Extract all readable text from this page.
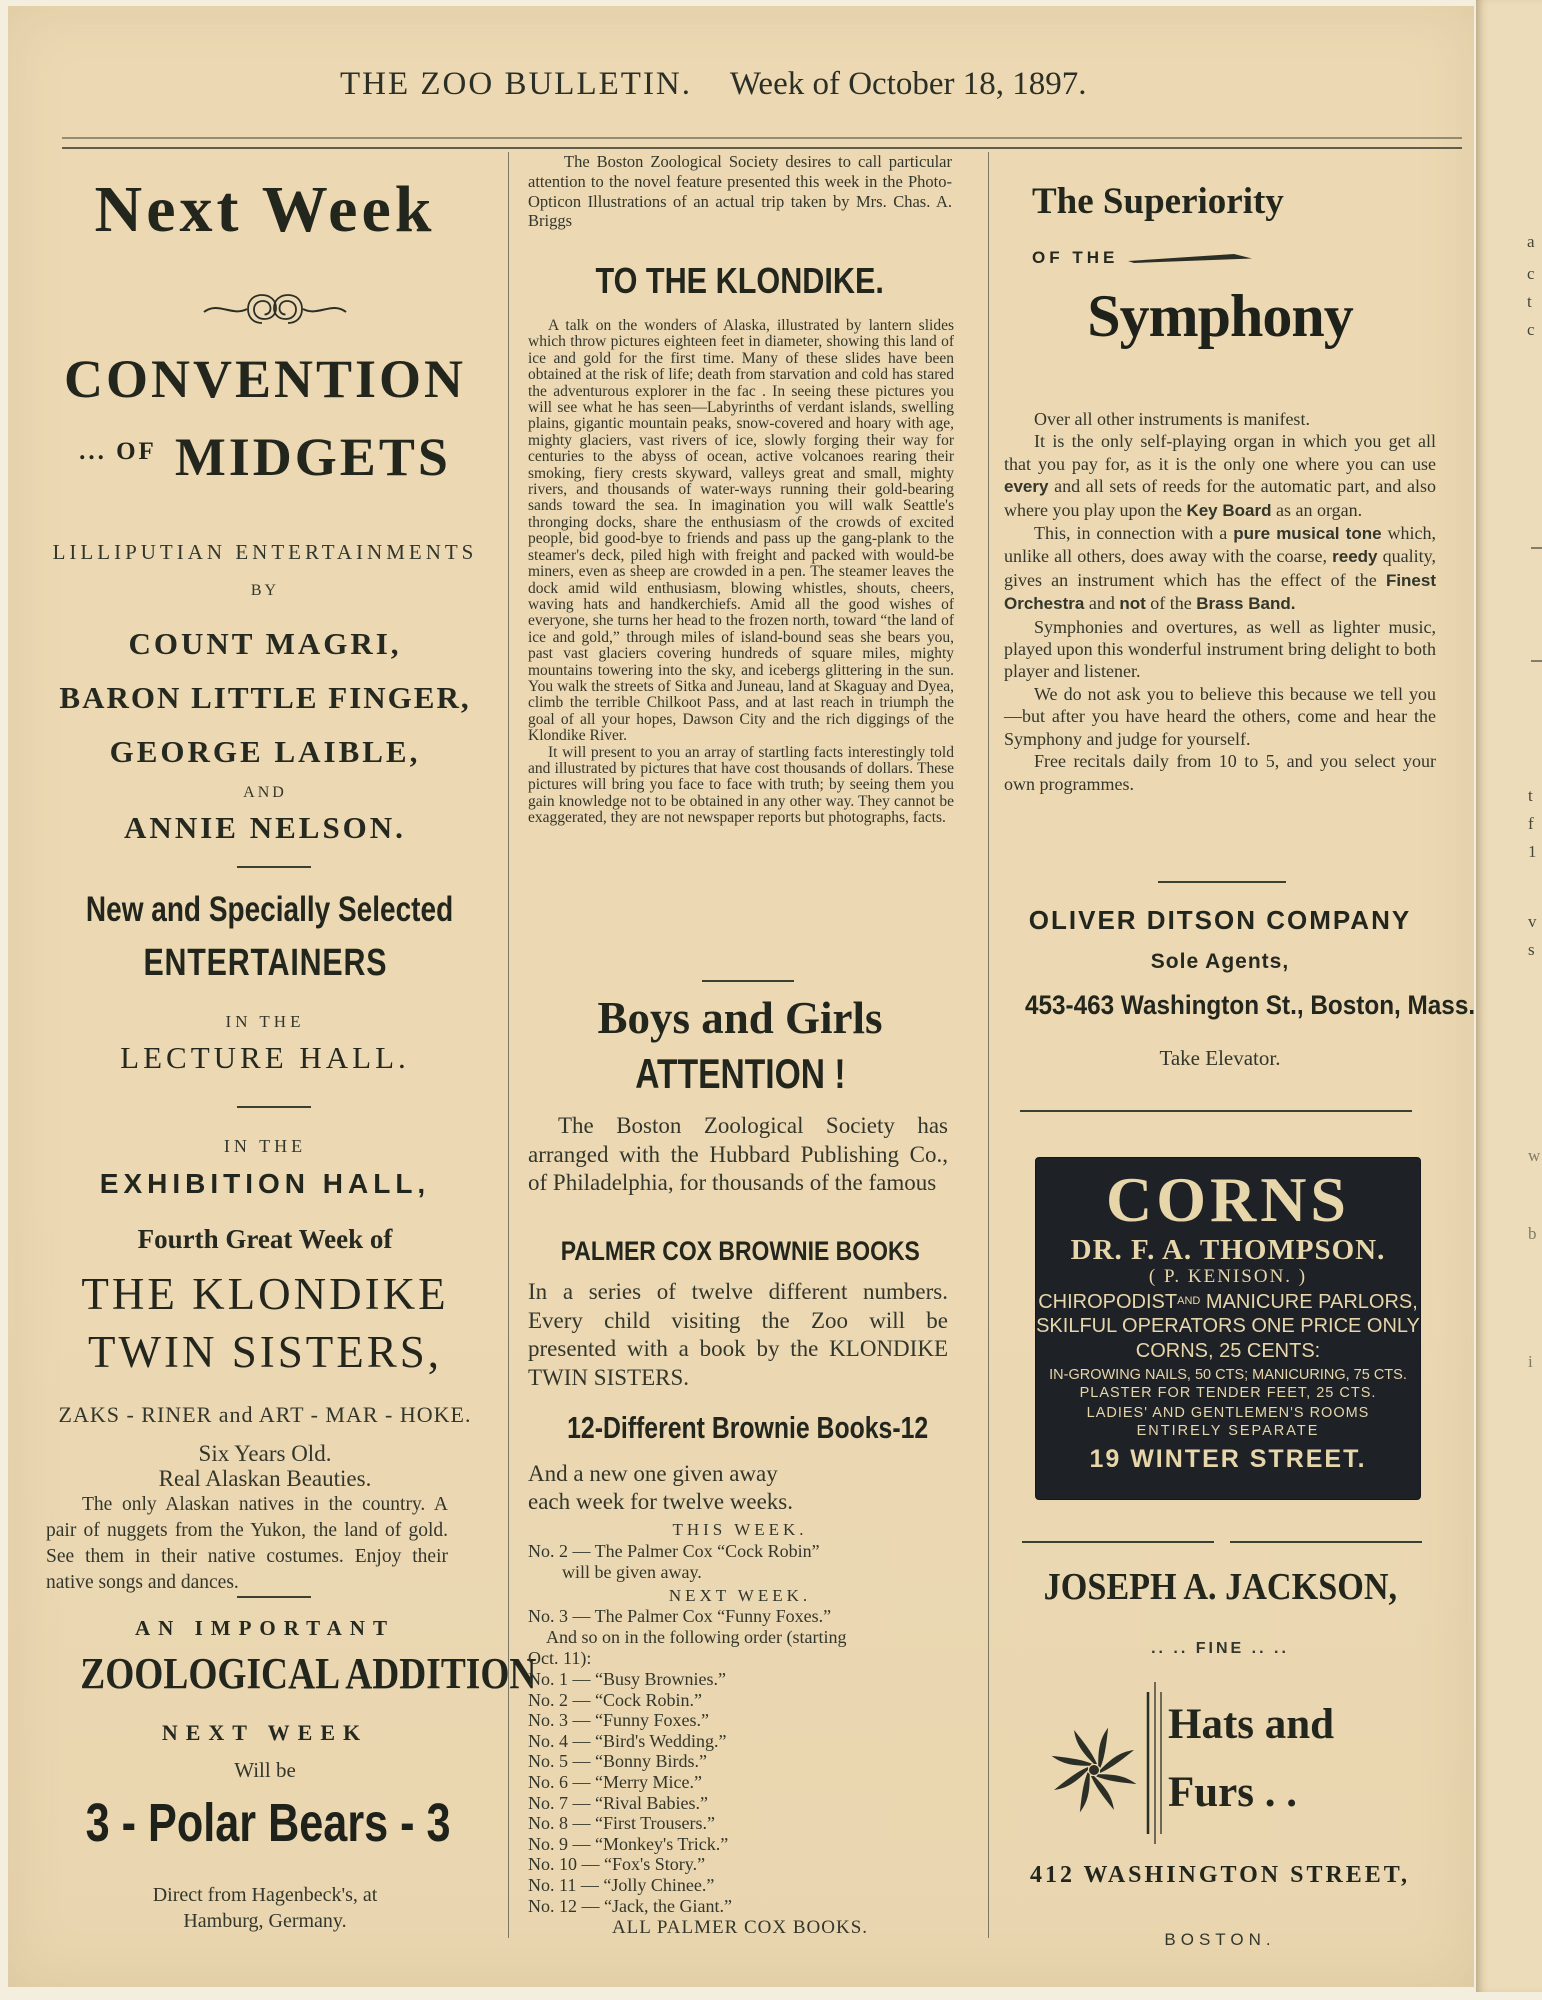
THE ZOO BULLETIN. Week of October 18, 1897.
Next Week
CONVENTION
... OF MIDGETS
LILLIPUTIAN ENTERTAINMENTS
BY
COUNT MAGRI,
BARON LITTLE FINGER,
GEORGE LAIBLE,
AND
ANNIE NELSON.
New and Specially Selected
ENTERTAINERS
IN THE
LECTURE HALL.
IN THE
EXHIBITION HALL,
Fourth Great Week of
THE KLONDIKE
TWIN SISTERS,
ZAKS - RINER and ART - MAR - HOKE.
Six Years Old.
Real Alaskan Beauties.
The only Alaskan natives in the country. A pair of nuggets from the Yukon, the land of gold. See them in their native costumes. Enjoy their native songs and dances.
AN IMPORTANT
ZOOLOGICAL ADDITION
NEXT WEEK
Will be
3 - Polar Bears - 3
Direct from Hagenbeck's, at
Hamburg, Germany.
The Boston Zoological Society desires to call particular attention to the novel feature presented this week in the Photo-Opticon Illustrations of an actual trip taken by Mrs. Chas. A. Briggs
TO THE KLONDIKE.

A talk on the wonders of Alaska, illustrated by lantern slides which throw pictures eighteen feet in diameter, showing this land of ice and gold for the first time. Many of these slides have been obtained at the risk of life; death from starvation and cold has stared the adventurous explorer in the fac . In seeing these pictures you will see what he has seen—Labyrinths of verdant islands, swelling plains, gigantic mountain peaks, snow-covered and hoary with age, mighty glaciers, vast rivers of ice, slowly forging their way for centuries to the abyss of ocean, active volcanoes rearing their smoking, fiery crests skyward, valleys great and small, mighty rivers, and thousands of water-ways running their gold-bearing sands toward the sea. In imagination you will walk Seattle's thronging docks, share the enthusiasm of the crowds of excited people, bid good-bye to friends and pass up the gang-plank to the steamer's deck, piled high with freight and packed with would-be miners, even as sheep are crowded in a pen. The steamer leaves the dock amid wild enthusiasm, blowing whistles, shouts, cheers, waving hats and handkerchiefs. Amid all the good wishes of everyone, she turns her head to the frozen north, toward “the land of ice and gold,” through miles of island-bound seas she bears you, past vast glaciers covering hundreds of square miles, mighty mountains towering into the sky, and icebergs glittering in the sun. You walk the streets of Sitka and Juneau, land at Skaguay and Dyea, climb the terrible Chilkoot Pass, and at last reach in triumph the goal of all your hopes, Dawson City and the rich diggings of the Klondike River.

It will present to you an array of startling facts interestingly told and illustrated by pictures that have cost thousands of dollars. These pictures will bring you face to face with truth; by seeing them you gain knowledge not to be obtained in any other way. They cannot be exaggerated, they are not newspaper reports but photographs, facts.

Boys and Girls
ATTENTION !
The Boston Zoological Society has arranged with the Hubbard Publishing Co., of Philadelphia, for thousands of the famous
PALMER COX BROWNIE BOOKS
In a series of twelve different numbers. Every child visiting the Zoo will be presented with a book by the KLONDIKE TWIN SISTERS.
12-Different Brownie Books-12
And a new one given away
each week for twelve weeks.
THIS WEEK.
No. 2 — The Palmer Cox “Cock Robin”
will be given away.
NEXT WEEK.
No. 3 — The Palmer Cox “Funny Foxes.”
And so on in the following order (starting
Oct. 11):
No. 1 — “Busy Brownies.”
No. 2 — “Cock Robin.”
No. 3 — “Funny Foxes.”
No. 4 — “Bird's Wedding.”
No. 5 — “Bonny Birds.”
No. 6 — “Merry Mice.”
No. 7 — “Rival Babies.”
No. 8 — “First Trousers.”
No. 9 — “Monkey's Trick.”
No. 10 — “Fox's Story.”
No. 11 — “Jolly Chinee.”
No. 12 — “Jack, the Giant.”
ALL PALMER COX BOOKS.
The Superiority
OF THE
Symphony

Over all other instruments is manifest.

It is the only self-playing organ in which you get all that you pay for, as it is the only one where you can use every and all sets of reeds for the automatic part, and also where you play upon the Key Board as an organ.

This, in connection with a pure musical tone which, unlike all others, does away with the coarse, reedy quality, gives an instrument which has the effect of the Finest Orchestra and not of the Brass Band.

Symphonies and overtures, as well as lighter music, played upon this wonderful instrument bring delight to both player and listener.

We do not ask you to believe this because we tell you—but after you have heard the others, come and hear the Symphony and judge for yourself.

Free recitals daily from 10 to 5, and you select your own programmes.

OLIVER DITSON COMPANY
Sole Agents,
453-463 Washington St., Boston, Mass.
Take Elevator.
CORNS
DR. F. A. THOMPSON.
( P. KENISON. )
$CHIROPODIST^{AND}$ MANICURE PARLORS,
SKILFUL OPERATORS ONE PRICE ONLY
CORNS, 25 CENTS:
IN-GROWING NAILS, 50 CTS; MANICURING, 75 CTS.
PLASTER FOR TENDER FEET, 25 CTS.
LADIES' AND GENTLEMEN'S ROOMS
ENTIRELY SEPARATE
19 WINTER STREET.
JOSEPH A. JACKSON,
.. .. FINE .. ..
Hats and
Furs . .
412 WASHINGTON STREET,
BOSTON.
a
c
t
c
t
f
1
v
s
w
b
i
